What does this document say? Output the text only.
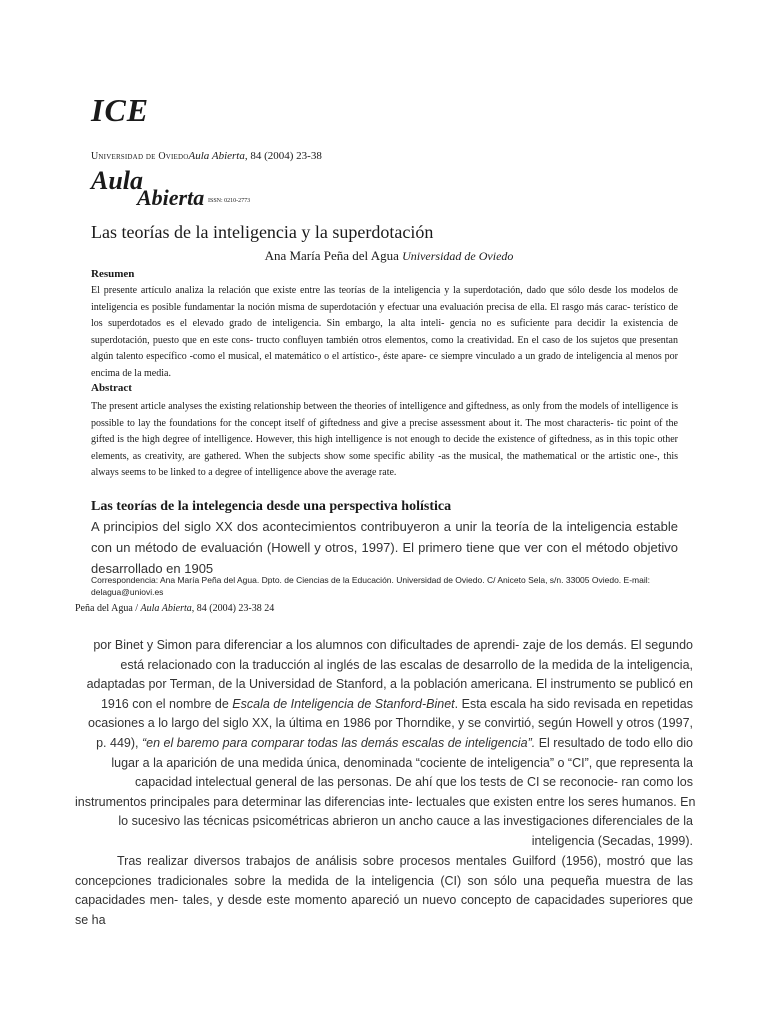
ICE
Universidad de OviedoAula Abierta, 84 (2004) 23-38
Aula
Abierta ISSN: 0210-2773
Las teorías de la inteligencia y la superdotación
Ana María Peña del Agua Universidad de Oviedo
Resumen
El presente artículo analiza la relación que existe entre las teorías de la inteligencia y la superdotación, dado que sólo desde los modelos de inteligencia es posible fundamentar la noción misma de superdotación y efectuar una evaluación precisa de ella. El rasgo más carac- terístico de los superdotados es el elevado grado de inteligencia. Sin embargo, la alta inteli- gencia no es suficiente para decidir la existencia de superdotación, puesto que en este cons- tructo confluyen también otros elementos, como la creatividad. En el caso de los sujetos que presentan algún talento específico -como el musical, el matemático o el artístico-, éste apare- ce siempre vinculado a un grado de inteligencia al menos por encima de la media.
Abstract
The present article analyses the existing relationship between the theories of intelligence and giftedness, as only from the models of intelligence is possible to lay the foundations for the concept itself of giftedness and give a precise assessment about it. The most characteris- tic point of the gifted is the high degree of intelligence. However, this high intelligence is not enough to decide the existence of giftedness, as in this topic other elements, as creativity, are gathered. When the subjects show some specific ability -as the musical, the mathematical or the artistic one-, this always seems to be linked to a degree of intelligence above the average rate.
Las teorías de la intelegencia desde una perspectiva holística
A principios del siglo XX dos acontecimientos contribuyeron a unir la teoría de la inteligencia estable con un método de evaluación (Howell y otros, 1997). El primero tiene que ver con el método objetivo desarrollado en 1905
Correspondencia: Ana María Peña del Agua. Dpto. de Ciencias de la Educación. Universidad de Oviedo. C/ Aniceto Sela, s/n. 33005 Oviedo. E-mail: delagua@uniovi.es
Peña del Agua / Aula Abierta, 84 (2004) 23-38 24
por Binet y Simon para diferenciar a los alumnos con dificultades de aprendi- zaje de los demás. El segundo
está relacionado con la traducción al inglés de las escalas de desarrollo de la medida de la inteligencia,
adaptadas por Terman, de la Universidad de Stanford, a la población americana. El instrumento se publicó en
1916 con el nombre de Escala de Inteligencia de Stanford-Binet. Esta escala ha sido revisada en repetidas
ocasiones a lo largo del siglo XX, la última en 1986 por Thorndike, y se convirtió, según Howell y otros (1997,
p. 449), “en el baremo para comparar todas las demás escalas de inteligencia”. El resultado de todo ello dio
lugar a la aparición de una medida única, denominada “cociente de inteligencia” o “CI”, que representa la
capacidad intelectual general de las personas. De ahí que los tests de CI se reconocie- ran como los
instrumentos principales para determinar las diferencias inte- lectuales que existen entre los seres humanos. En
lo sucesivo las técnicas psicométricas abrieron un ancho cauce a las investigaciones diferenciales de la
inteligencia (Secadas, 1999).
Tras realizar diversos trabajos de análisis sobre procesos mentales Guilford (1956), mostró que las concepciones tradicionales sobre la medida de la inteligencia (CI) son sólo una pequeña muestra de las capacidades men- tales, y desde este momento apareció un nuevo concepto de capacidades superiores que se ha
